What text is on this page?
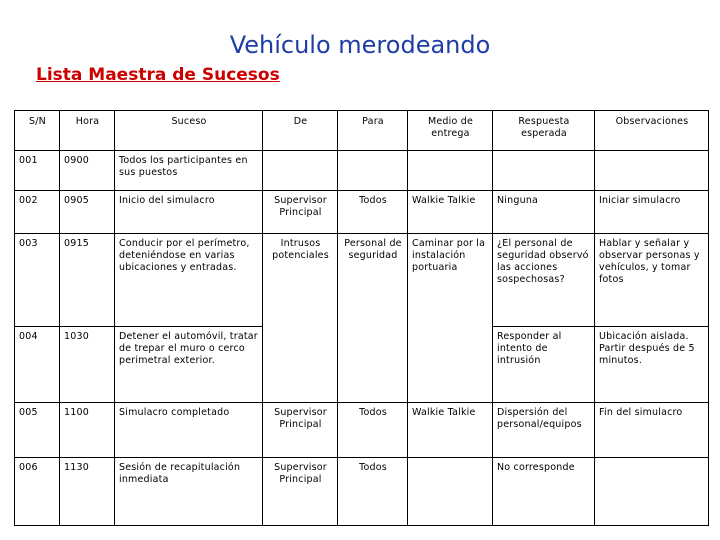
Vehículo merodeando
Lista Maestra de Sucesos
S/N	Hora	Suceso	De	Para	Medio de entrega	Respuesta esperada	Observaciones
001	0900	Todos los participantes en sus puestos					
002	0905	Inicio del simulacro	Supervisor Principal	Todos	Walkie Talkie	Ninguna	Iniciar simulacro
003	0915	Conducir por el perímetro, deteniéndose en varias ubicaciones y entradas.	Intrusos potenciales	Personal de seguridad	Caminar por la instalación portuaria	¿El personal de seguridad observó las acciones sospechosas?	Hablar y señalar y observar personas y vehículos, y tomar fotos
004	1030	Detener el automóvil, tratar de trepar el muro o cerco perimetral exterior.				Responder al intento de intrusión	Ubicación aislada. Partir después de 5 minutos.
005	1100	Simulacro completado	Supervisor Principal	Todos	Walkie Talkie	Dispersión del personal/equipos	Fin del simulacro
006	1130	Sesión de recapitulación inmediata	Supervisor Principal	Todos		No corresponde	
